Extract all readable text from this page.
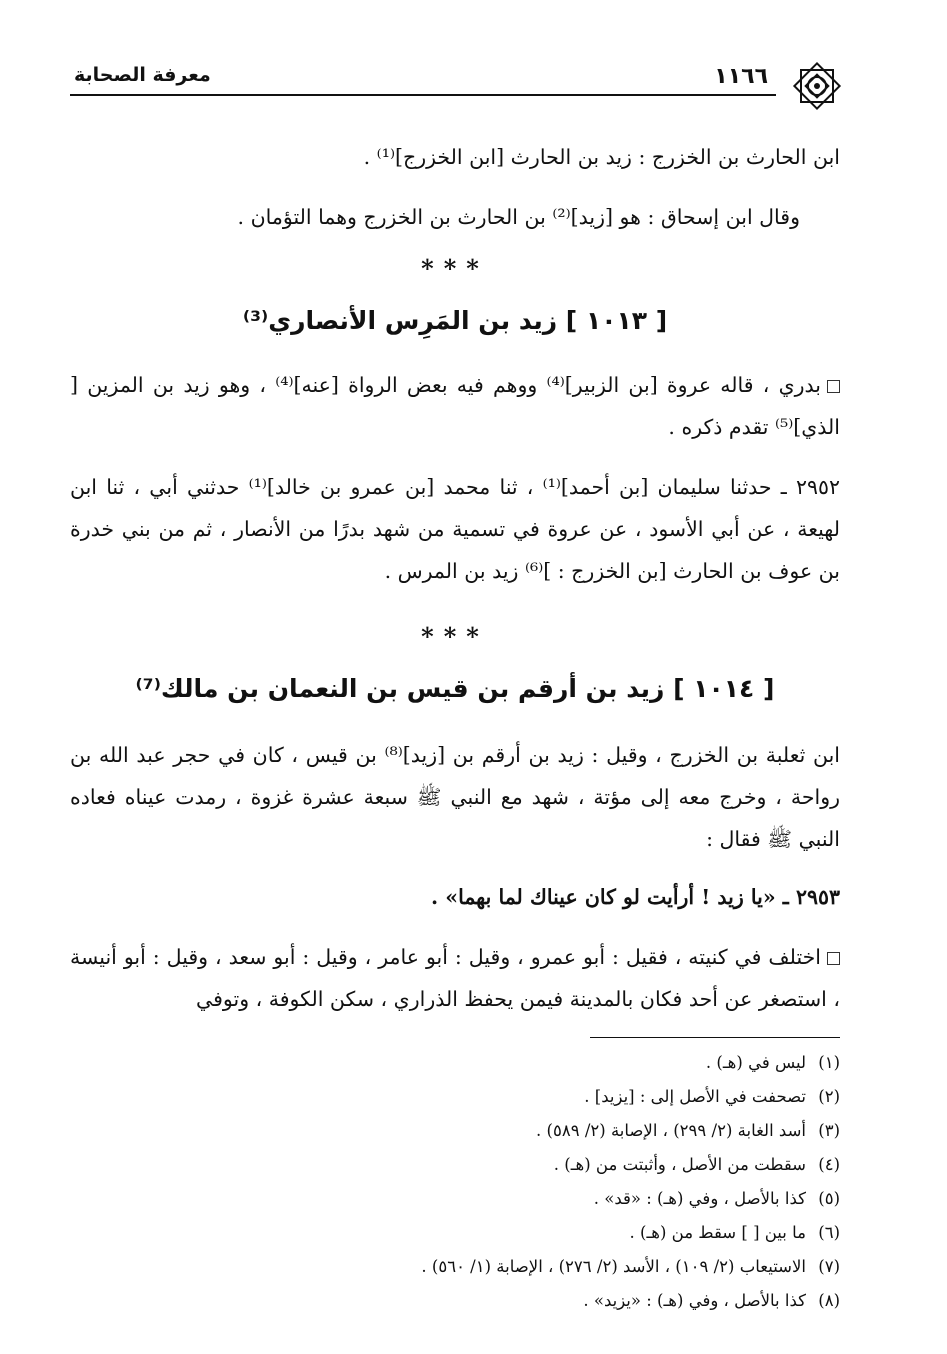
١١٦٦
معرفة الصحابة

ابن الحارث بن الخزرج : زيد بن الحارث [ابن الخزرج]⁽¹⁾ .

وقال ابن إسحاق : هو [زيد]⁽²⁾ بن الحارث بن الخزرج وهما التؤمان .

***
[ ١٠١٣ ] زيد بن المَرِس الأنصاري⁽³⁾

بدري ، قاله عروة [بن الزبير]⁽⁴⁾ ووهم فيه بعض الرواة [عنه]⁽⁴⁾ ، وهو زيد بن المزين [ الذي]⁽⁵⁾ تقدم ذكره .

٢٩٥٢ ـ حدثنا سليمان [بن أحمد]⁽¹⁾ ، ثنا محمد [بن عمرو بن خالد]⁽¹⁾ حدثني أبي ، ثنا ابن لهيعة ، عن أبي الأسود ، عن عروة في تسمية من شهد بدرًا من الأنصار ، ثم من بني خدرة بن عوف بن الحارث [بن الخزرج : ]⁽⁶⁾ زيد بن المرس .

***
[ ١٠١٤ ] زيد بن أرقم بن قيس بن النعمان بن مالك⁽⁷⁾

ابن ثعلبة بن الخزرج ، وقيل : زيد بن أرقم بن [زيد]⁽⁸⁾ بن قيس ، كان في حجر عبد الله بن رواحة ، وخرج معه إلى مؤتة ، شهد مع النبي ﷺ سبعة عشرة غزوة ، رمدت عيناه فعاده النبي ﷺ فقال :

٢٩٥٣ ـ «يا زيد ! أرأيت لو كان عيناك لما بهما» .

اختلف في كنيته ، فقيل : أبو عمرو ، وقيل : أبو عامر ، وقيل : أبو سعد ، وقيل : أبو أنيسة ، استصغر عن أحد فكان بالمدينة فيمن يحفظ الذراري ، سكن الكوفة ، وتوفي

(١)ليس في (هـ) .

(٢)تصحفت في الأصل إلى : [يزيد] .

(٣)أسد الغابة (٢/ ٢٩٩) ، الإصابة (٢/ ٥٨٩) .

(٤)سقطت من الأصل ، وأثبتت من (هـ) .

(٥)كذا بالأصل ، وفي (هـ) : «قد» .

(٦)ما بين [ ] سقط من (هـ) .

(٧)الاستيعاب (٢/ ١٠٩) ، الأسد (٢/ ٢٧٦) ، الإصابة (١/ ٥٦٠) .

(٨)كذا بالأصل ، وفي (هـ) : «يزيد» .
